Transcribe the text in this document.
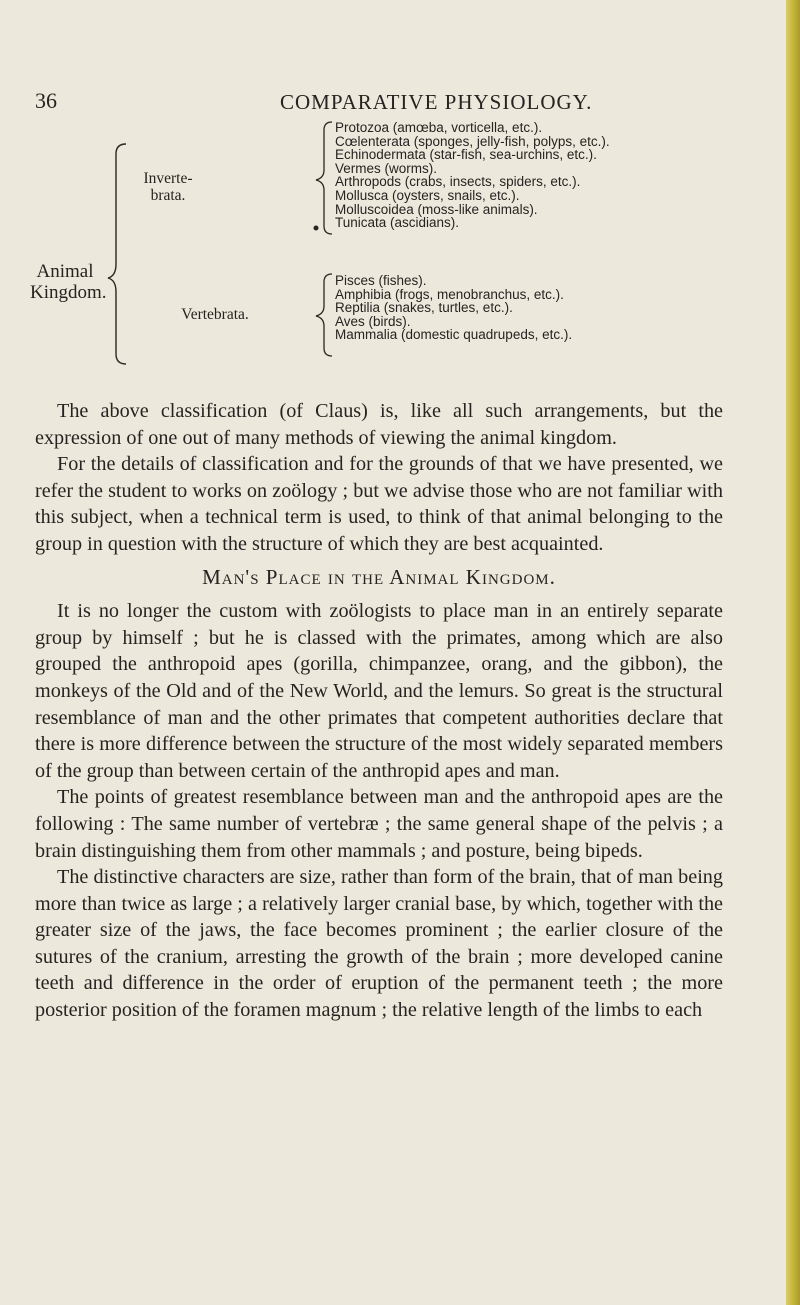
36	COMPARATIVE PHYSIOLOGY.
Animal
Kingdom.
Inverte-
brata.
Protozoa (amœba, vorticella, etc.).
Cœlenterata (sponges, jelly-fish, polyps, etc.).
Echinodermata (star-fish, sea-urchins, etc.).
Vermes (worms).
Arthropods (crabs, insects, spiders, etc.).
Mollusca (oysters, snails, etc.).
Molluscoidea (moss-like animals).
Tunicata (ascidians).
Vertebrata.
Pisces (fishes).
Amphibia (frogs, menobranchus, etc.).
Reptilia (snakes, turtles, etc.).
Aves (birds).
Mammalia (domestic quadrupeds, etc.).

The above classification (of Claus) is, like all such arrangements, but the expression of one out of many methods of viewing the animal kingdom.

For the details of classification and for the grounds of that we have presented, we refer the student to works on zoölogy ; but we advise those who are not familiar with this subject, when a technical term is used, to think of that animal belonging to the group in question with the structure of which they are best acquainted.

Man's Place in the Animal Kingdom.

It is no longer the custom with zoölogists to place man in an entirely separate group by himself ; but he is classed with the primates, among which are also grouped the anthropoid apes (gorilla, chimpanzee, orang, and the gibbon), the monkeys of the Old and of the New World, and the lemurs. So great is the structural resemblance of man and the other primates that competent authorities declare that there is more difference between the structure of the most widely separated members of the group than between certain of the anthropid apes and man.

The points of greatest resemblance between man and the anthropoid apes are the following : The same number of vertebræ ; the same general shape of the pelvis ; a brain distinguishing them from other mammals ; and posture, being bipeds.

The distinctive characters are size, rather than form of the brain, that of man being more than twice as large ; a relatively larger cranial base, by which, together with the greater size of the jaws, the face becomes prominent ; the earlier closure of the sutures of the cranium, arresting the growth of the brain ; more developed canine teeth and difference in the order of eruption of the permanent teeth ; the more posterior position of the foramen magnum ; the relative length of the limbs to each
